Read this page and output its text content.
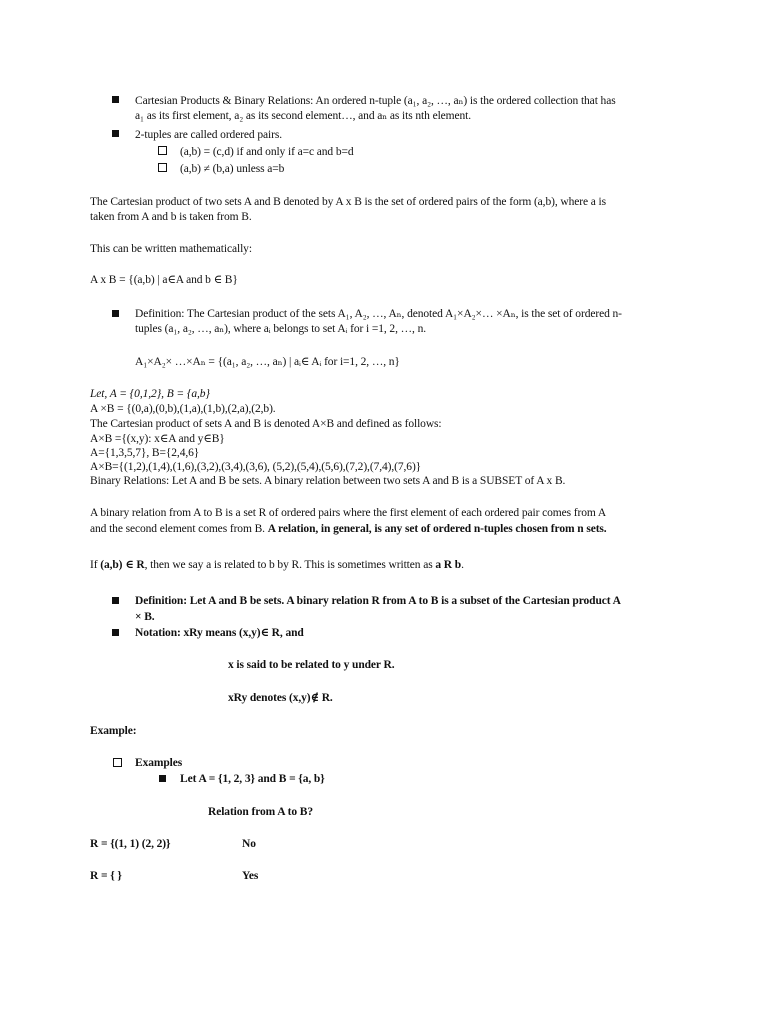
Cartesian Products & Binary Relations: An ordered n-tuple (a₁, a₂, …, aₙ) is the ordered collection that has
a₁ as its first element, a₂ as its second element…, and aₙ as its nth element.
2-tuples are called ordered pairs.
(a,b) = (c,d) if and only if a=c and b=d
(a,b) ≠ (b,a) unless a=b
The Cartesian product of two sets A and B denoted by A x B is the set of ordered pairs of the form (a,b), where a is
taken from A and b is taken from B.
This can be written mathematically:
A x B = {(a,b) | a∈A and b ∈ B}
Definition: The Cartesian product of the sets A₁, A₂, …, Aₙ, denoted A₁×A₂×… ×Aₙ, is the set of ordered n-
tuples (a₁, a₂, …, aₙ), where aᵢ belongs to set Aᵢ for i =1, 2, …, n.
A₁×A₂× …×Aₙ = {(a₁, a₂, …, aₙ) | aᵢ∈ Aᵢ for i=1, 2, …, n}
Let, A = {0,1,2}, B = {a,b}
A ×B = {(0,a),(0,b),(1,a),(1,b),(2,a),(2,b).
The Cartesian product of sets A and B is denoted A×B and defined as follows:
A×B ={(x,y): x∈A and y∈B}
A={1,3,5,7}, B={2,4,6}
A×B={(1,2),(1,4),(1,6),(3,2),(3,4),(3,6), (5,2),(5,4),(5,6),(7,2),(7,4),(7,6)}
Binary Relations: Let A and B be sets. A binary relation between two sets A and B is a SUBSET of A x B.
A binary relation from A to B is a set R of ordered pairs where the first element of each ordered pair comes from A
and the second element comes from B. A relation, in general, is any set of ordered n-tuples chosen from n sets.
If (a,b) ∈ R, then we say a is related to b by R. This is sometimes written as a R b.
Definition: Let A and B be sets. A binary relation R from A to B is a subset of the Cartesian product A
× B.
Notation: xRy means (x,y)∈ R, and
x is said to be related to y under R.
xRy denotes (x,y)∉ R.
Example:
Examples
Let A = {1, 2, 3} and B = {a, b}
Relation from A to B?
R = {(1, 1) (2, 2)}	No
R = { }	Yes
